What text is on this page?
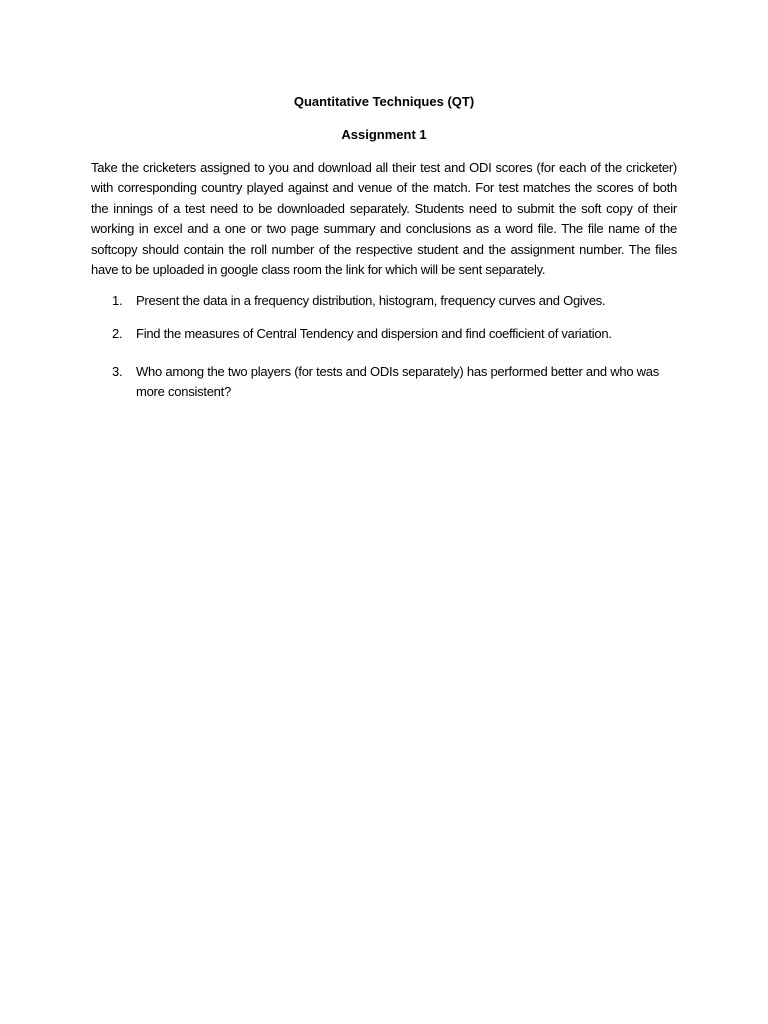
Quantitative Techniques (QT)
Assignment 1

Take the cricketers assigned to you and download all their test and ODI scores (for each of the cricketer) with corresponding country played against and venue of the match. For test matches the scores of both the innings of a test need to be downloaded separately. Students need to submit the soft copy of their working in excel and a one or two page summary and conclusions as a word file. The file name of the softcopy should contain the roll number of the respective student and the assignment number. The files have to be uploaded in google class room the link for which will be sent separately.

1. Present the data in a frequency distribution, histogram, frequency curves and Ogives.
2. Find the measures of Central Tendency and dispersion and find coefficient of variation.
3. Who among the two players (for tests and ODIs separately) has performed better and who was more consistent?
